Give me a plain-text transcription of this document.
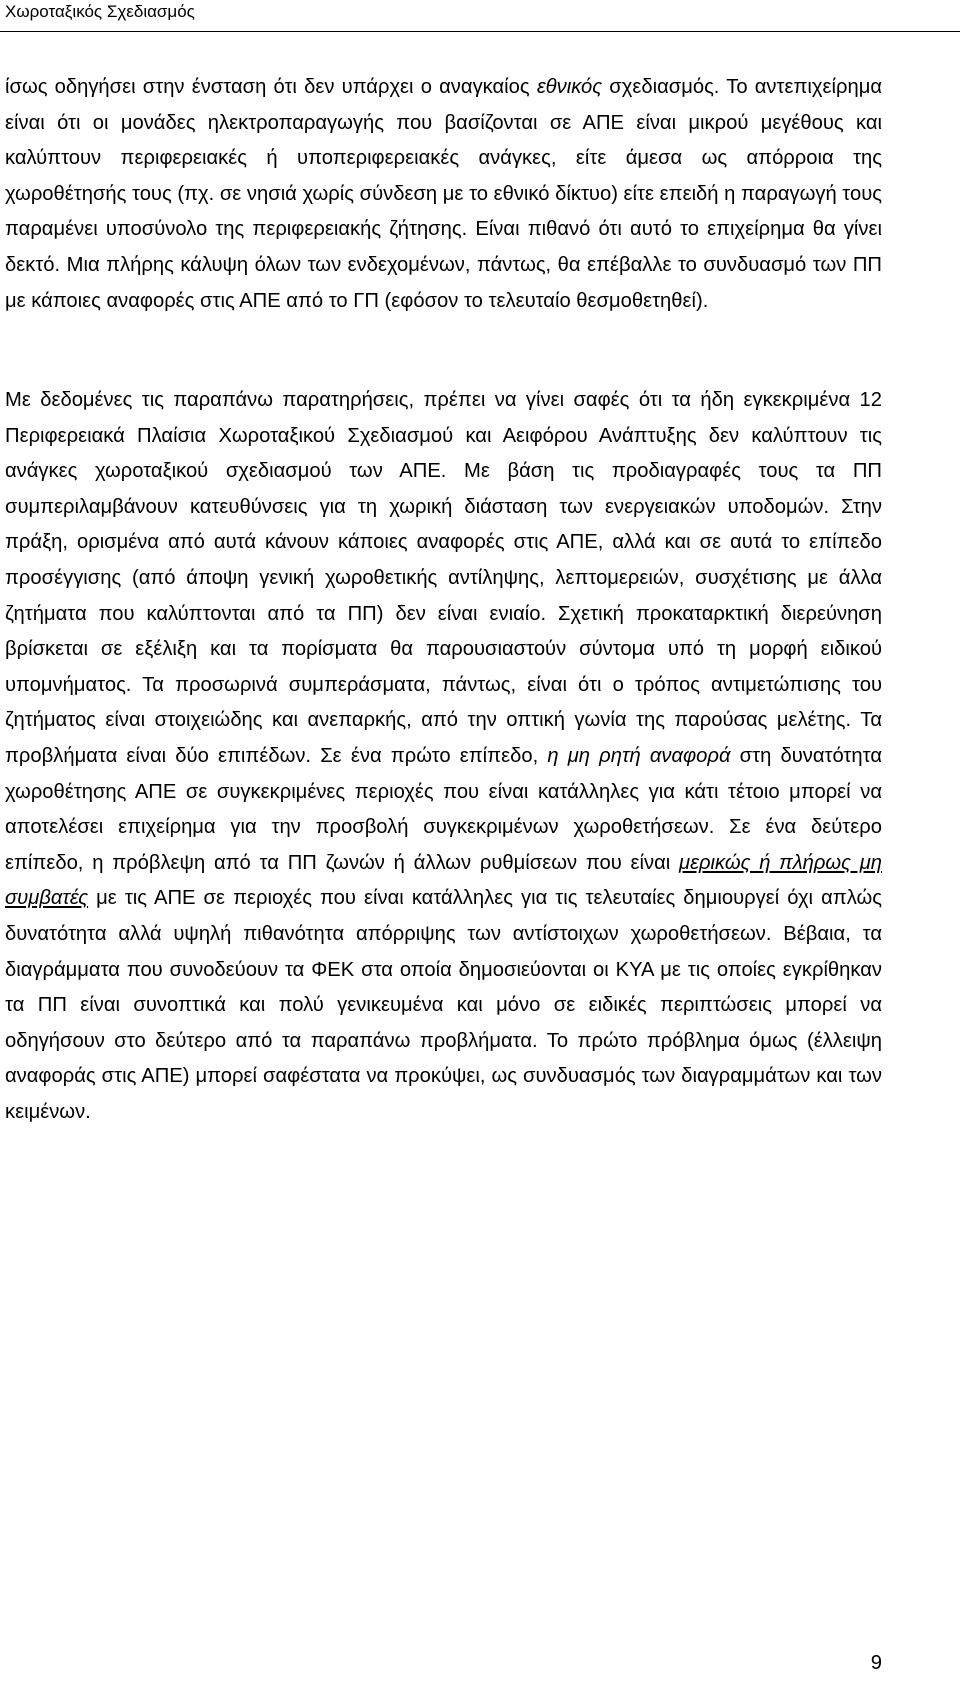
Χωροταξικός Σχεδιασμός

ίσως οδηγήσει στην ένσταση ότι δεν υπάρχει ο αναγκαίος εθνικός σχεδιασμός. Το αντεπιχείρημα είναι ότι οι μονάδες ηλεκτροπαραγωγής που βασίζονται σε ΑΠΕ είναι μικρού μεγέθους και καλύπτουν περιφερειακές ή υποπεριφερειακές ανάγκες, είτε άμεσα ως απόρροια της χωροθέτησής τους (πχ. σε νησιά χωρίς σύνδεση με το εθνικό δίκτυο) είτε επειδή η παραγωγή τους παραμένει υποσύνολο της περιφερειακής ζήτησης. Είναι πιθανό ότι αυτό το επιχείρημα θα γίνει δεκτό. Μια πλήρης κάλυψη όλων των ενδεχομένων, πάντως, θα επέβαλλε το συνδυασμό των ΠΠ με κάποιες αναφορές στις ΑΠΕ από το ΓΠ (εφόσον το τελευταίο θεσμοθετηθεί).

Με δεδομένες τις παραπάνω παρατηρήσεις, πρέπει να γίνει σαφές ότι τα ήδη εγκεκριμένα 12 Περιφερειακά Πλαίσια Χωροταξικού Σχεδιασμού και Αειφόρου Ανάπτυξης δεν καλύπτουν τις ανάγκες χωροταξικού σχεδιασμού των ΑΠΕ. Με βάση τις προδιαγραφές τους τα ΠΠ συμπεριλαμβάνουν κατευθύνσεις για τη χωρική διάσταση των ενεργειακών υποδομών. Στην πράξη, ορισμένα από αυτά κάνουν κάποιες αναφορές στις ΑΠΕ, αλλά και σε αυτά το επίπεδο προσέγγισης (από άποψη γενική χωροθετικής αντίληψης, λεπτομερειών, συσχέτισης με άλλα ζητήματα που καλύπτονται από τα ΠΠ) δεν είναι ενιαίο. Σχετική προκαταρκτική διερεύνηση βρίσκεται σε εξέλιξη και τα πορίσματα θα παρουσιαστούν σύντομα υπό τη μορφή ειδικού υπομνήματος. Τα προσωρινά συμπεράσματα, πάντως, είναι ότι ο τρόπος αντιμετώπισης του ζητήματος είναι στοιχειώδης και ανεπαρκής, από την οπτική γωνία της παρούσας μελέτης. Τα προβλήματα είναι δύο επιπέδων. Σε ένα πρώτο επίπεδο, η μη ρητή αναφορά στη δυνατότητα χωροθέτησης ΑΠΕ σε συγκεκριμένες περιοχές που είναι κατάλληλες για κάτι τέτοιο μπορεί να αποτελέσει επιχείρημα για την προσβολή συγκεκριμένων χωροθετήσεων. Σε ένα δεύτερο επίπεδο, η πρόβλεψη από τα ΠΠ ζωνών ή άλλων ρυθμίσεων που είναι μερικώς ή πλήρως μη συμβατές με τις ΑΠΕ σε περιοχές που είναι κατάλληλες για τις τελευταίες δημιουργεί όχι απλώς δυνατότητα αλλά υψηλή πιθανότητα απόρριψης των αντίστοιχων χωροθετήσεων. Βέβαια, τα διαγράμματα που συνοδεύουν τα ΦΕΚ στα οποία δημοσιεύονται οι ΚΥΑ με τις οποίες εγκρίθηκαν τα ΠΠ είναι συνοπτικά και πολύ γενικευμένα και μόνο σε ειδικές περιπτώσεις μπορεί να οδηγήσουν στο δεύτερο από τα παραπάνω προβλήματα. Το πρώτο πρόβλημα όμως (έλλειψη αναφοράς στις ΑΠΕ) μπορεί σαφέστατα να προκύψει, ως συνδυασμός των διαγραμμάτων και των κειμένων.

9
